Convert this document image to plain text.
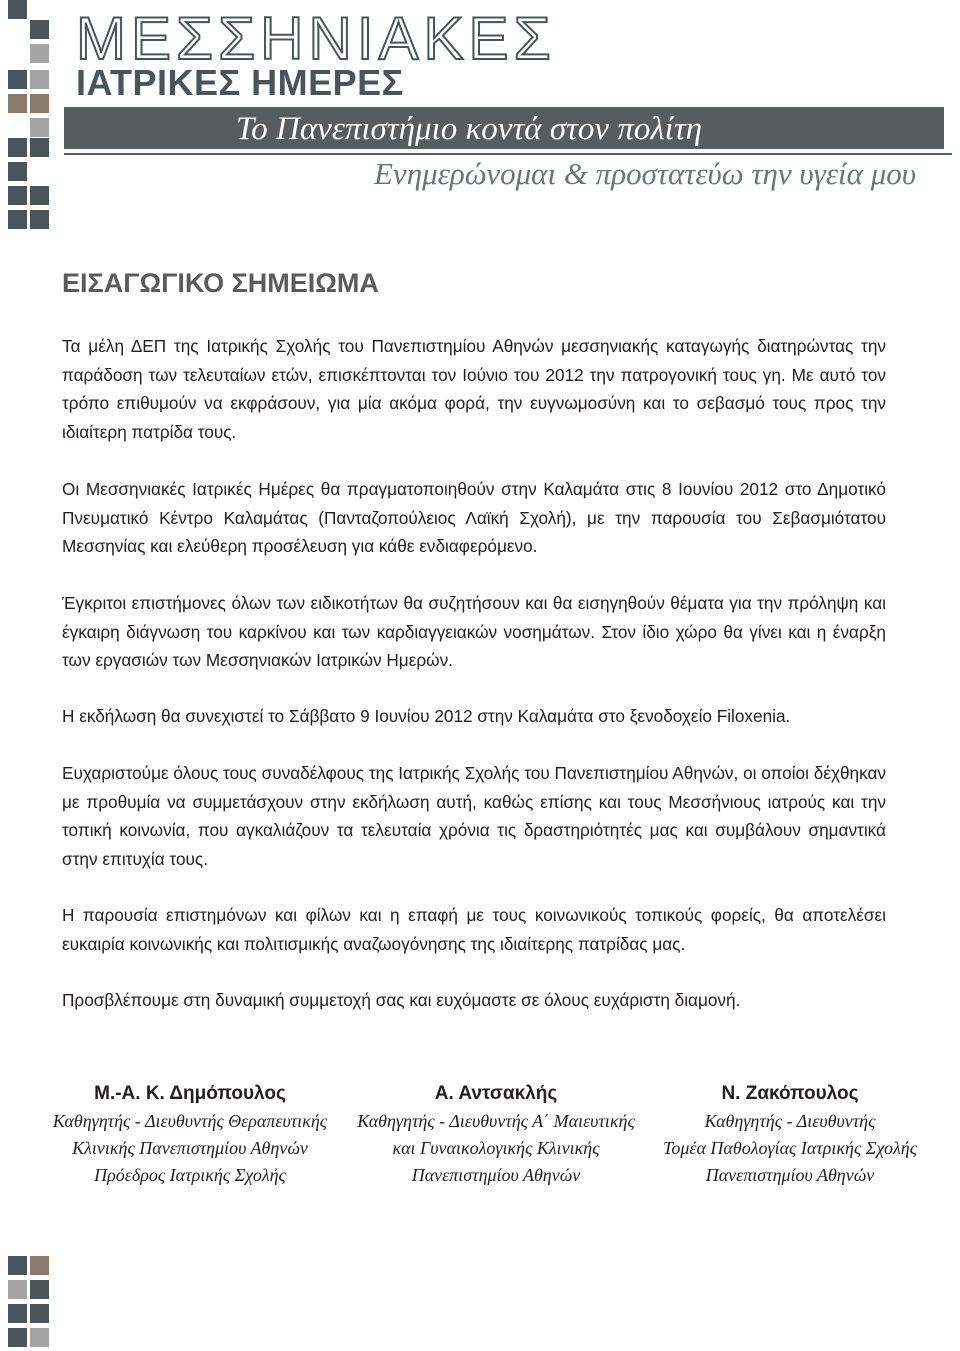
ΜΕΣΣΗΝΙΑΚΕΣ
ΙΑΤΡΙΚΕΣ ΗΜΕΡΕΣ
Το Πανεπιστήμιο κοντά στον πολίτη
Ενημερώνομαι & προστατεύω την υγεία μου
ΕΙΣΑΓΩΓΙΚΟ ΣΗΜΕΙΩΜΑ

Τα μέλη ΔΕΠ της Ιατρικής Σχολής του Πανεπιστημίου Αθηνών μεσσηνιακής καταγωγής διατηρώντας την παράδοση των τελευταίων ετών, επισκέπτονται τον Ιούνιο του 2012 την πατρογονική τους γη. Με αυτό τον τρόπο επιθυμούν να εκφράσουν, για μία ακόμα φορά, την ευγνωμοσύνη και το σεβασμό τους προς την ιδιαίτερη πατρίδα τους.

Οι Μεσσηνιακές Ιατρικές Ημέρες θα πραγματοποιηθούν στην Καλαμάτα στις 8 Ιουνίου 2012 στο Δημοτικό Πνευματικό Κέντρο Καλαμάτας (Πανταζοπούλειος Λαϊκή Σχολή), με την παρουσία του Σεβασμιότατου Μεσσηνίας και ελεύθερη προσέλευση για κάθε ενδιαφερόμενο.

Έγκριτοι επιστήμονες όλων των ειδικοτήτων θα συζητήσουν και θα εισηγηθούν θέματα για την πρόληψη και έγκαιρη διάγνωση του καρκίνου και των καρδιαγγειακών νοσημάτων. Στον ίδιο χώρο θα γίνει και η έναρξη των εργασιών των Μεσσηνιακών Ιατρικών Ημερών.

Η εκδήλωση θα συνεχιστεί το Σάββατο 9 Ιουνίου 2012 στην Καλαμάτα στο ξενοδοχείο Filoxenia.

Ευχαριστούμε όλους τους συναδέλφους της Ιατρικής Σχολής του Πανεπιστημίου Αθηνών, οι οποίοι δέχθηκαν με προθυμία να συμμετάσχουν στην εκδήλωση αυτή, καθώς επίσης και τους Μεσσήνιους ιατρούς και την τοπική κοινωνία, που αγκαλιάζουν τα τελευταία χρόνια τις δραστηριότητές μας και συμβάλουν σημαντικά στην επιτυχία τους.

Η παρουσία επιστημόνων και φίλων και η επαφή με τους κοινωνικούς τοπικούς φορείς, θα αποτελέσει ευκαιρία κοινωνικής και πολιτισμικής αναζωογόνησης της ιδιαίτερης πατρίδας μας.

Προσβλέπουμε στη δυναμική συμμετοχή σας και ευχόμαστε σε όλους ευχάριστη διαμονή.

Μ.-Α. Κ. Δημόπουλος
Καθηγητής - Διευθυντής Θεραπευτικής
Κλινικής Πανεπιστημίου Αθηνών
Πρόεδρος Ιατρικής Σχολής
Α. Αντσακλής
Καθηγητής - Διευθυντής Α΄ Μαιευτικής
και Γυναικολογικής Κλινικής
Πανεπιστημίου Αθηνών
Ν. Ζακόπουλος
Καθηγητής - Διευθυντής
Τομέα Παθολογίας Ιατρικής Σχολής
Πανεπιστημίου Αθηνών
